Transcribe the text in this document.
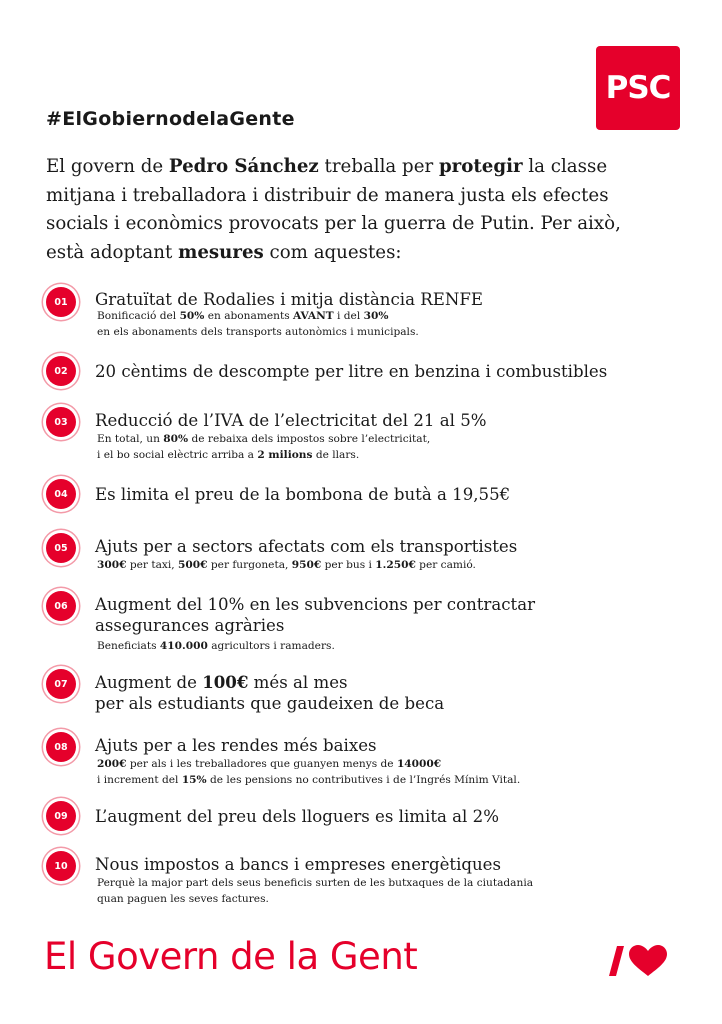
PSC
#ElGobiernodelaGente
El govern de Pedro Sánchez treballa per protegir la classe mitjana i treballadora i distribuir de manera justa els efectes socials i econòmics provocats per la guerra de Putin. Per això, està adoptant mesures com aquestes:
01	Gratuïtat de Rodalies i mitja distància RENFE
Bonificació del 50% en abonaments AVANT i del 30%
en els abonaments dels transports autonòmics i municipals.
02	20 cèntims de descompte per litre en benzina i combustibles
03	Reducció de l’IVA de l’electricitat del 21 al 5%
En total, un 80% de rebaixa dels impostos sobre l’electricitat,
i el bo social elèctric arriba a 2 milions de llars.
04	Es limita el preu de la bombona de butà a 19,55€
05	Ajuts per a sectors afectats com els transportistes
300€ per taxi, 500€ per furgoneta, 950€ per bus i 1.250€ per camió.
06	Augment del 10% en les subvencions per contractar
assegurances agràries
Beneficiats 410.000 agricultors i ramaders.
07	Augment de 100€ més al mes
per als estudiants que gaudeixen de beca
08	Ajuts per a les rendes més baixes
200€ per als i les treballadores que guanyen menys de 14000€
i increment del 15% de les pensions no contributives i de l’Ingrés Mínim Vital.
09	L’augment del preu dels lloguers es limita al 2%
10	Nous impostos a bancs i empreses energètiques
Perquè la major part dels seus beneficis surten de les butxaques de la ciutadania
quan paguen les seves factures.
El Govern de la Gent
